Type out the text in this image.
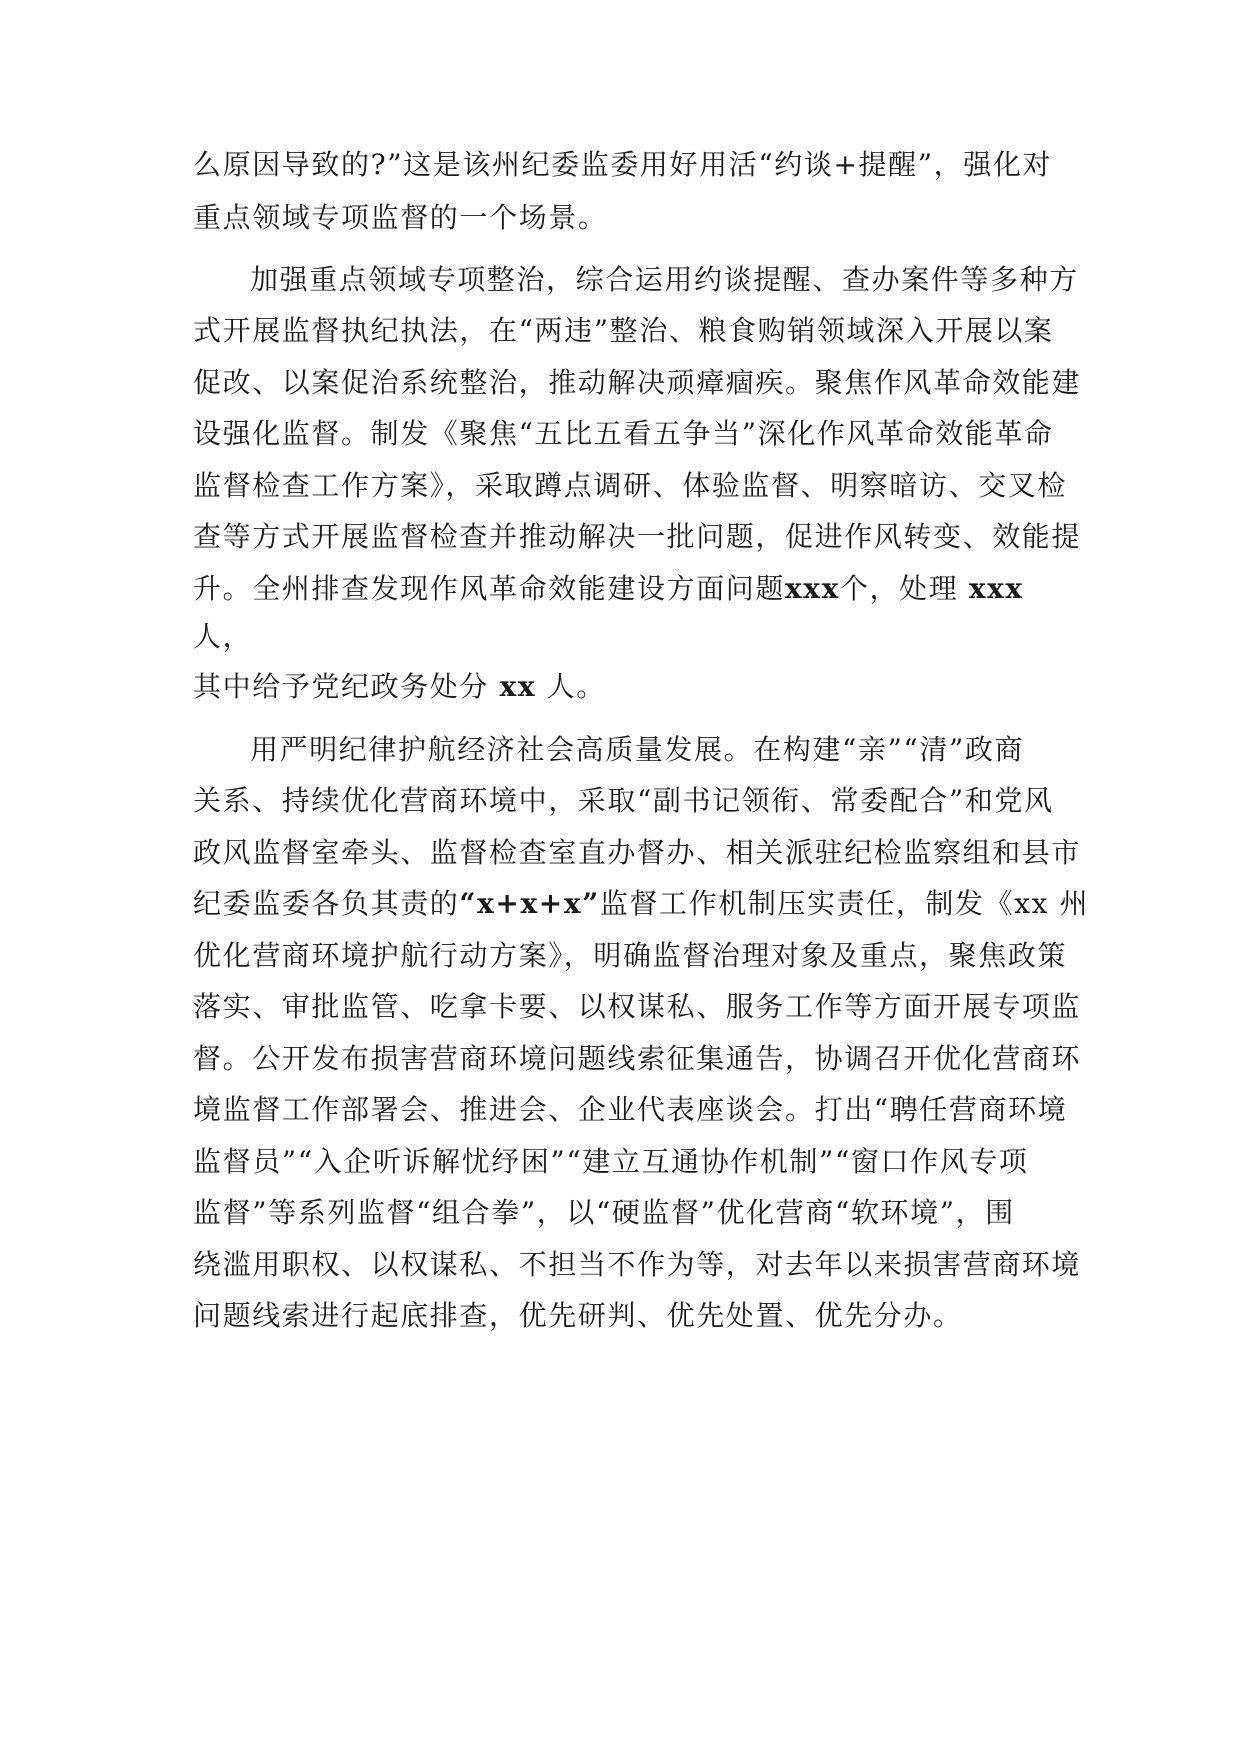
么原因导致的?”这是该州纪委监委用好用活“约谈+提醒”，强化对

重点领域专项监督的一个场景。

加强重点领域专项整治，综合运用约谈提醒、查办案件等多种方

式开展监督执纪执法，在“两违”整治、粮食购销领域深入开展以案

促改、以案促治系统整治，推动解决顽瘴痼疾。聚焦作风革命效能建

设强化监督。制发《聚焦“五比五看五争当”深化作风革命效能革命

监督检查工作方案》，采取蹲点调研、体验监督、明察暗访、交叉检

查等方式开展监督检查并推动解决一批问题，促进作风转变、效能提

升。全州排查发现作风革命效能建设方面问题xxx个，处理 xxx

人，

其中给予党纪政务处分 xx 人。

用严明纪律护航经济社会高质量发展。在构建“亲”“清”政商

关系、持续优化营商环境中，采取“副书记领衔、常委配合”和党风

政风监督室牵头、监督检查室直办督办、相关派驻纪检监察组和县市

纪委监委各负其责的“x+x+x”监督工作机制压实责任，制发《xx 州

优化营商环境护航行动方案》，明确监督治理对象及重点，聚焦政策

落实、审批监管、吃拿卡要、以权谋私、服务工作等方面开展专项监

督。公开发布损害营商环境问题线索征集通告，协调召开优化营商环

境监督工作部署会、推进会、企业代表座谈会。打出“聘任营商环境

监督员”“入企听诉解忧纾困”“建立互通协作机制”“窗口作风专项

监督”等系列监督“组合拳”，以“硬监督”优化营商“软环境”，围

绕滥用职权、以权谋私、不担当不作为等，对去年以来损害营商环境

问题线索进行起底排查，优先研判、优先处置、优先分办。
